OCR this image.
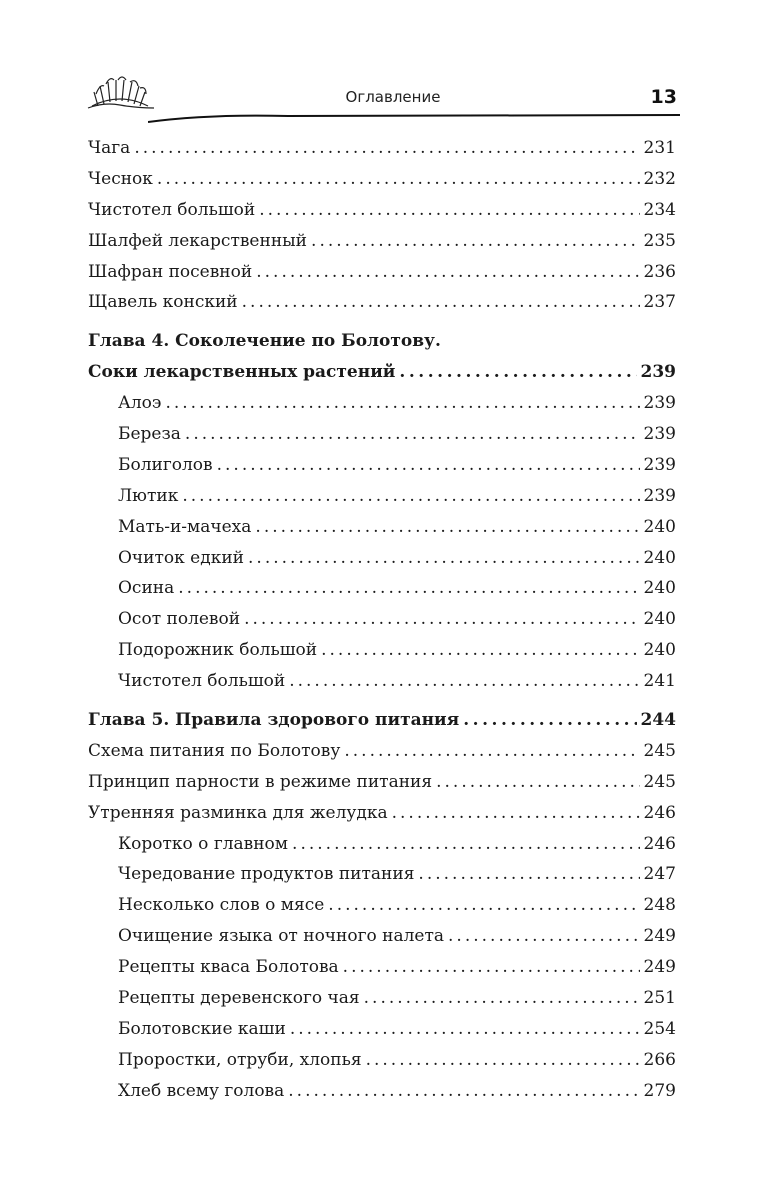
Оглавление	13
Чага . . .	231
Чеснок . . .	232
Чистотел большой . . .	234
Шалфей лекарственный . . .	235
Шафран посевной . . .	236
Щавель конский . . .	237
Глава 4. Соколечение по Болотову.
Соки лекарственных растений . . .	239
Алоэ . . .	239
Береза . . .	239
Болиголов . . .	239
Лютик . . .	239
Мать-и-мачеха . . .	240
Очиток едкий . . .	240
Осина . . .	240
Осот полевой . . .	240
Подорожник большой . . .	240
Чистотел большой . . .	241
Глава 5. Правила здорового питания . . .	244
Схема питания по Болотову . . .	245
Принцип парности в режиме питания . . .	245
Утренняя разминка для желудка . . .	246
Коротко о главном . . .	246
Чередование продуктов питания . . .	247
Несколько слов о мясе . . .	248
Очищение языка от ночного налета . . .	249
Рецепты кваса Болотова . . .	249
Рецепты деревенского чая . . .	251
Болотовские каши . . .	254
Проростки, отруби, хлопья . . .	266
Хлеб всему голова . . .	279
